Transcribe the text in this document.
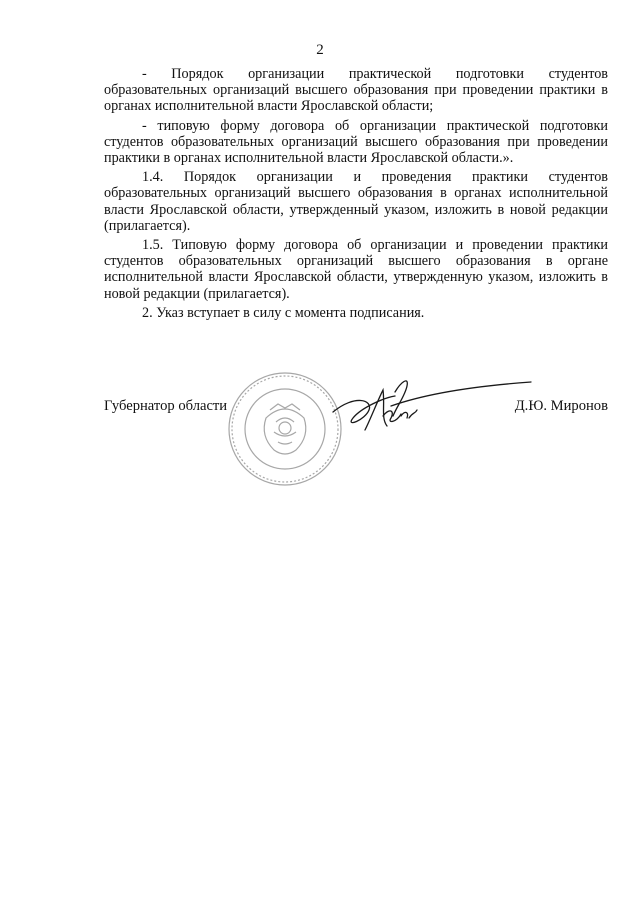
2

- Порядок организации практической подготовки студентов образовательных организаций высшего образования при проведении практики в органах исполнительной власти Ярославской области;

- типовую форму договора об организации практической подготовки студентов образовательных организаций высшего образования при проведении практики в органах исполнительной власти Ярославской области.».

1.4. Порядок организации и проведения практики студентов образовательных организаций высшего образования в органах исполнительной власти Ярославской области, утвержденный указом, изложить в новой редакции (прилагается).

1.5. Типовую форму договора об организации и проведении практики студентов образовательных организаций высшего образования в органе исполнительной власти Ярославской области, утвержденную указом, изложить в новой редакции (прилагается).

2. Указ вступает в силу с момента подписания.

Губернатор области	Д.Ю. Миронов
